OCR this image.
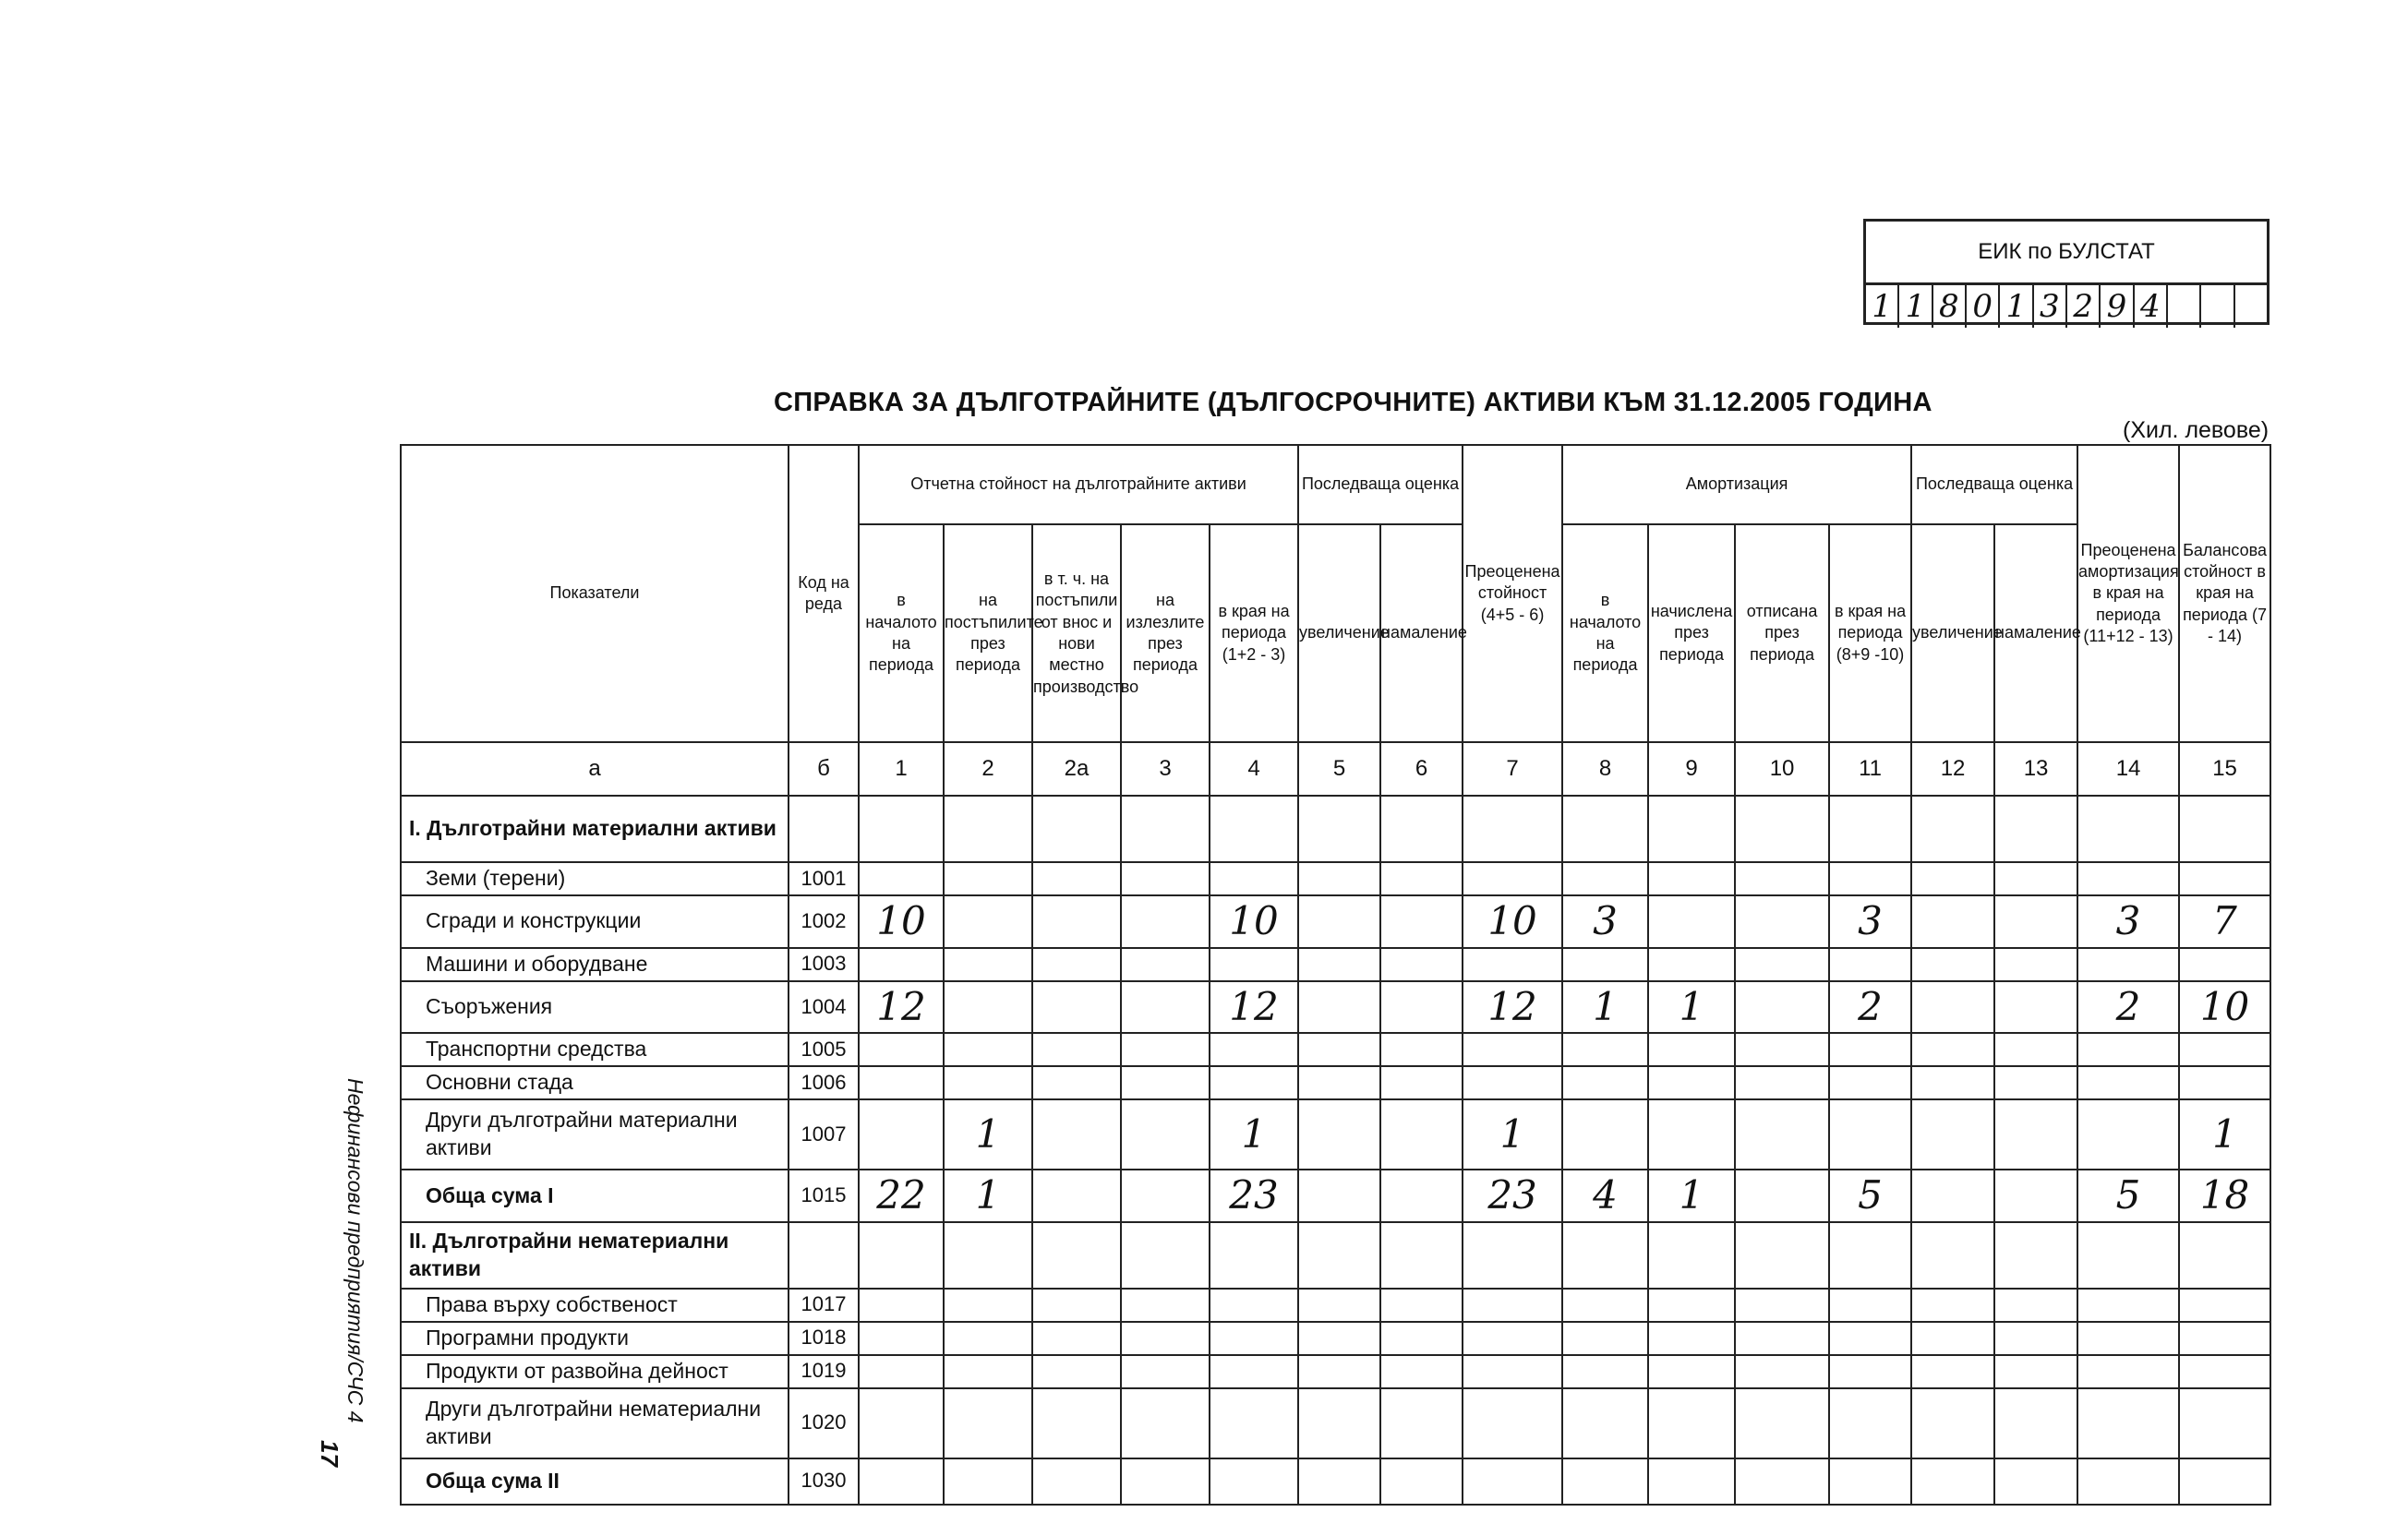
ЕИК по БУЛСТАТ
1 1 8 0 1 3 2 9 4
СПРАВКА ЗА ДЪЛГОТРАЙНИТЕ (ДЪЛГОСРОЧНИТЕ) АКТИВИ КЪМ 31.12.2005 ГОДИНА
(Хил. левове)
Нефинансови предприятия/СЧС 4
17
Показатели	Код на реда	Отчетна стойност на дълготрайните активи					Последваща оценка		Преоценена стойност (4+5 - 6)	Амортизация				Последваща оценка		Преоценена амортизация в края на периода (11+12 - 13)	Балансова стойност в края на периода (7 - 14)
		в началото на периода	на постъпилите през периода	в т. ч. на постъпили от внос и нови местно производство	на излезлите през периода	в края на периода (1+2 - 3)	увеличение	намаление		в началото на периода	начислена през периода	отписана през периода	в края на периода (8+9 -10)	увеличение	намаление		
а	б	1	2	2а	3	4	5	6	7	8	9	10	11	12	13	14	15
I. Дълготрайни материални активи																	
Земи (терени)	1001																
Сгради и конструкции	1002	10				10			10	3			3			3	7
Машини и оборудване	1003																
Съоръжения	1004	12				12			12	1	1		2			2	10
Транспортни средства	1005																
Основни стада	1006																
Други дълготрайни материални активи	1007		1			1			1								1
Обща сума I	1015	22	1			23			23	4	1		5			5	18
II. Дълготрайни нематериални активи																	
Права върху собственост	1017																
Програмни продукти	1018																
Продукти от развойна дейност	1019																
Други дълготрайни нематериални активи	1020																
Обща сума II	1030																
